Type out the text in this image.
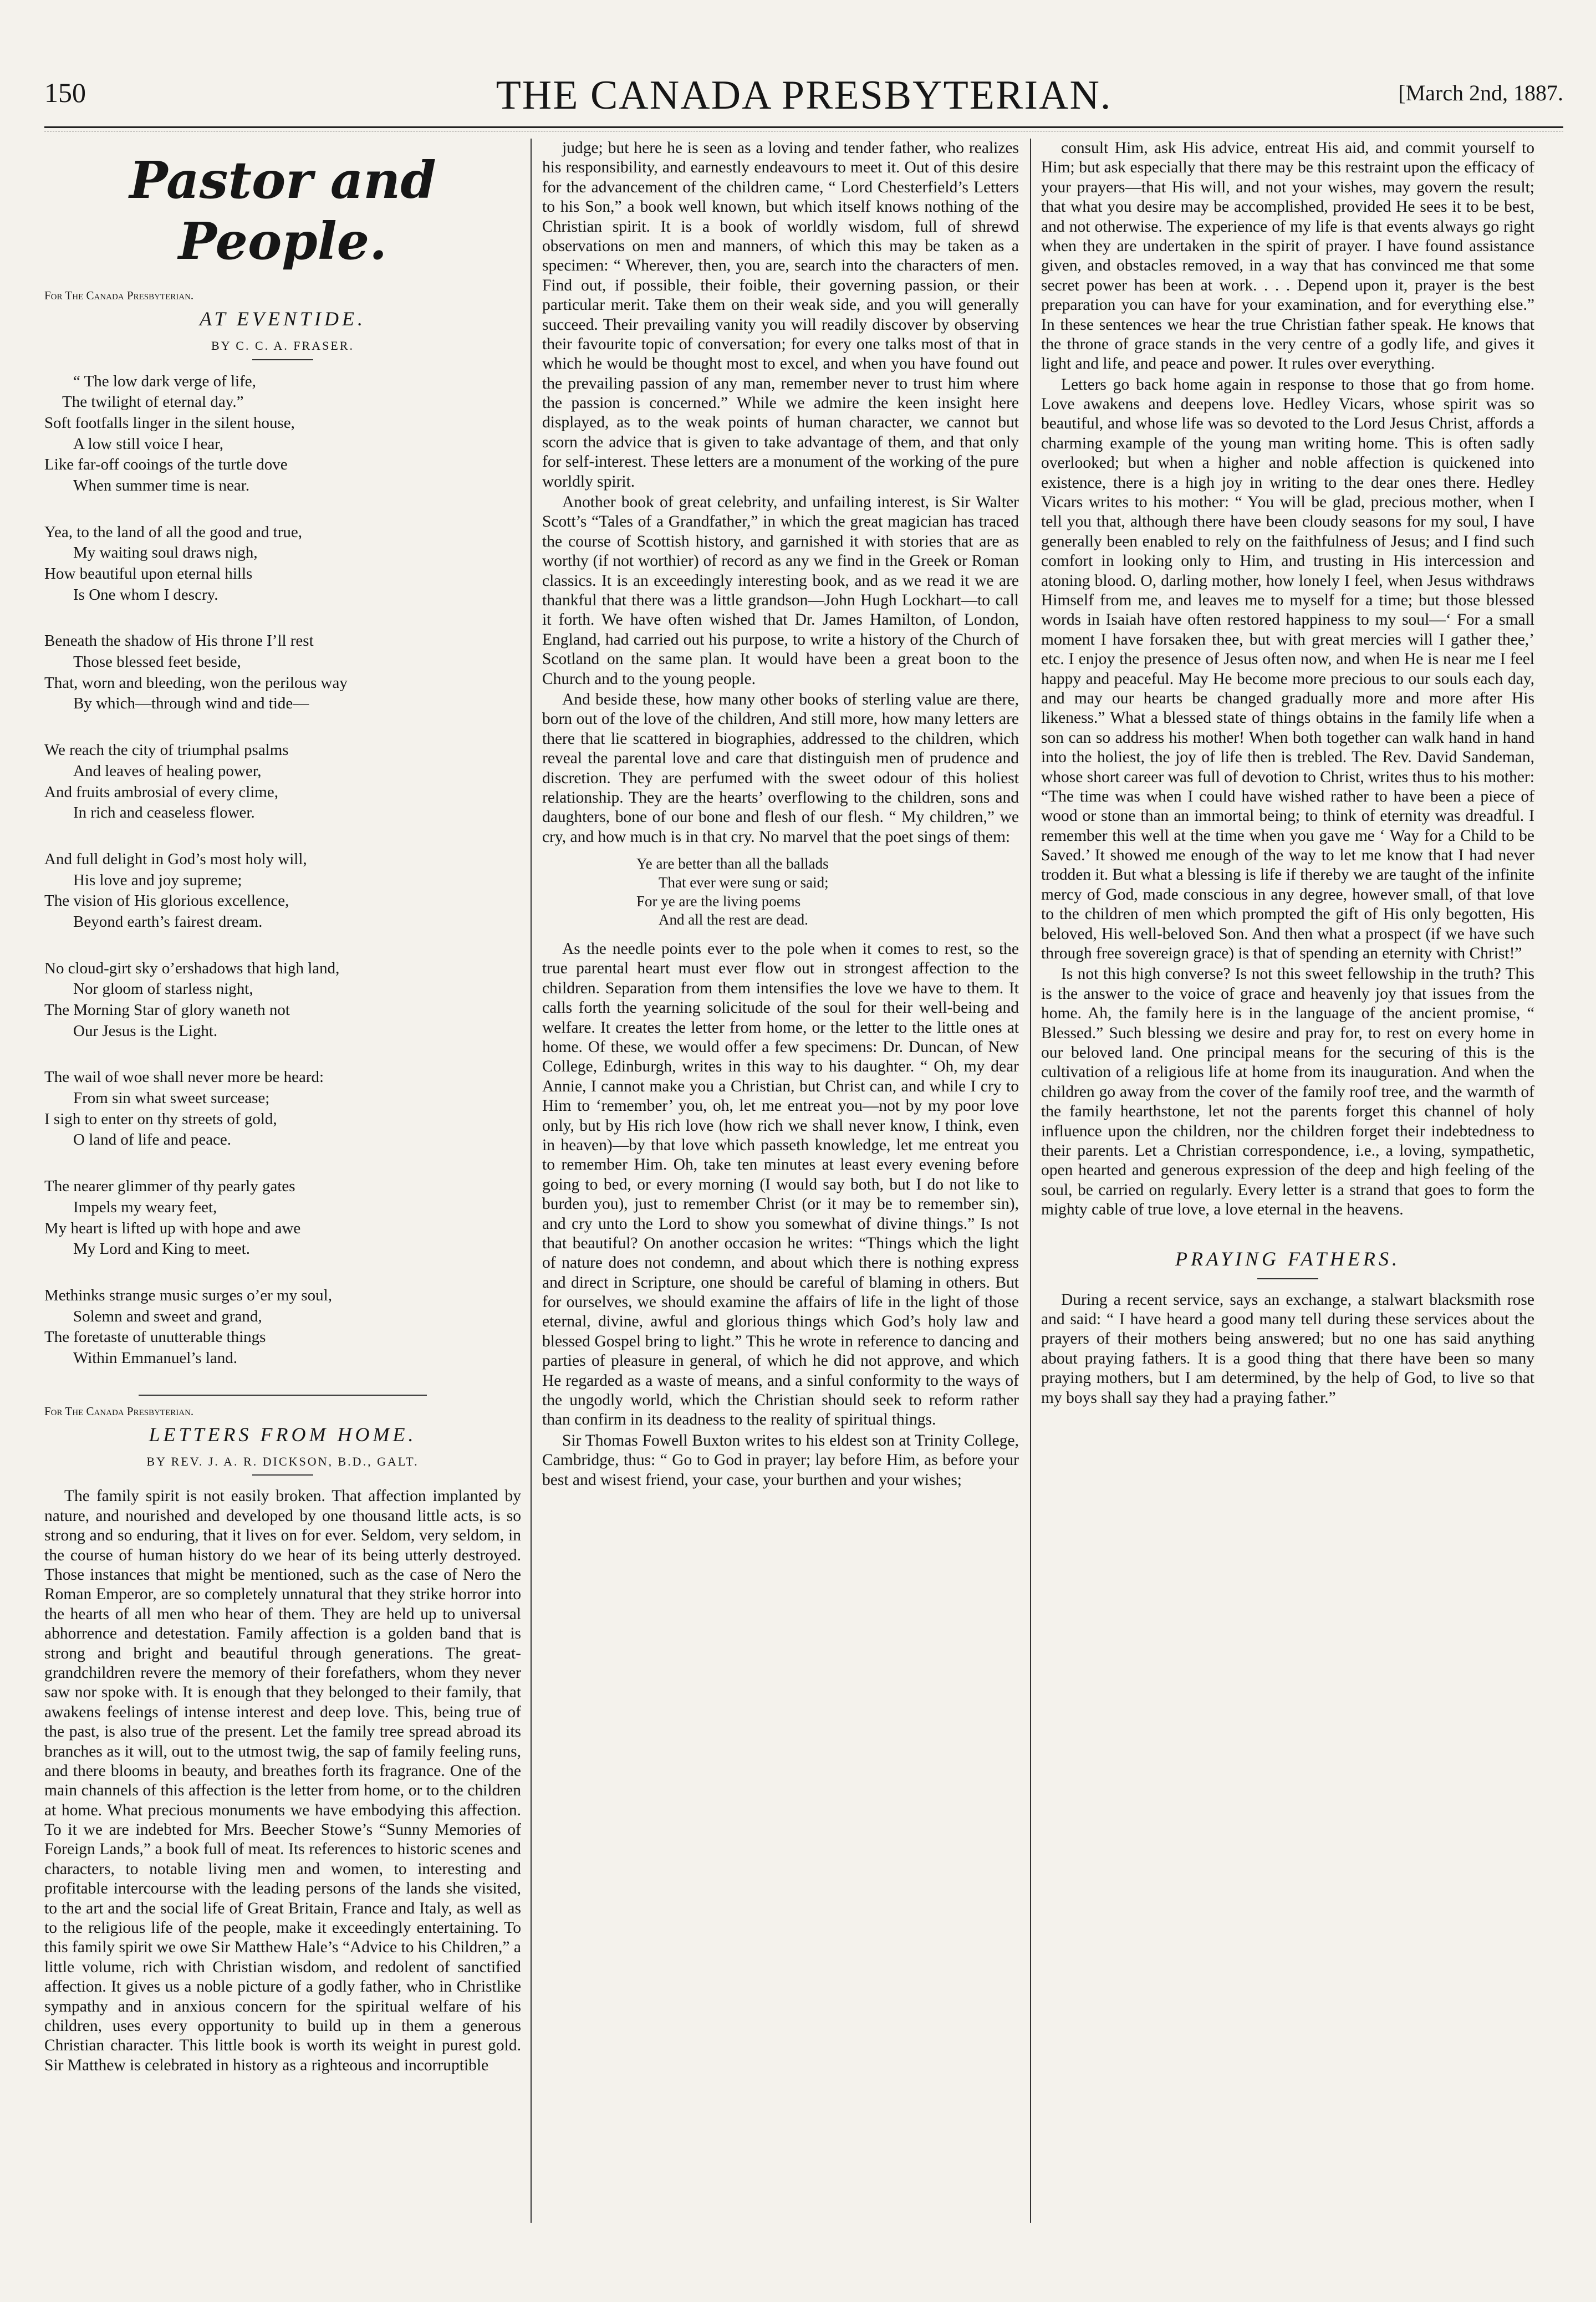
150	THE CANADA PRESBYTERIAN.	[March 2nd, 1887.
Pastor and People.
For The Canada Presbyterian.
AT EVENTIDE.
BY C. C. A. FRASER.
“ The low dark verge of life,
The twilight of eternal day.”
Soft footfalls linger in the silent house,
A low still voice I hear,
Like far-off cooings of the turtle dove
When summer time is near.
Yea, to the land of all the good and true,
My waiting soul draws nigh,
How beautiful upon eternal hills
Is One whom I descry.
Beneath the shadow of His throne I’ll rest
Those blessed feet beside,
That, worn and bleeding, won the perilous way
By which—through wind and tide—
We reach the city of triumphal psalms
And leaves of healing power,
And fruits ambrosial of every clime,
In rich and ceaseless flower.
And full delight in God’s most holy will,
His love and joy supreme;
The vision of His glorious excellence,
Beyond earth’s fairest dream.
No cloud-girt sky o’ershadows that high land,
Nor gloom of starless night,
The Morning Star of glory waneth not
Our Jesus is the Light.
The wail of woe shall never more be heard:
From sin what sweet surcease;
I sigh to enter on thy streets of gold,
O land of life and peace.
The nearer glimmer of thy pearly gates
Impels my weary feet,
My heart is lifted up with hope and awe
My Lord and King to meet.
Methinks strange music surges o’er my soul,
Solemn and sweet and grand,
The foretaste of unutterable things
Within Emmanuel’s land.
For The Canada Presbyterian.
LETTERS FROM HOME.
BY REV. J. A. R. DICKSON, B.D., GALT.

The family spirit is not easily broken. That affection implanted by nature, and nourished and developed by one thousand little acts, is so strong and so enduring, that it lives on for ever. Seldom, very seldom, in the course of human history do we hear of its being utterly destroyed. Those instances that might be mentioned, such as the case of Nero the Roman Emperor, are so completely unnatural that they strike horror into the hearts of all men who hear of them. They are held up to universal abhorrence and detestation. Family affection is a golden band that is strong and bright and beautiful through generations. The great-grandchildren revere the memory of their forefathers, whom they never saw nor spoke with. It is enough that they belonged to their family, that awakens feelings of intense interest and deep love. This, being true of the past, is also true of the present. Let the family tree spread abroad its branches as it will, out to the utmost twig, the sap of family feeling runs, and there blooms in beauty, and breathes forth its fragrance. One of the main channels of this affection is the letter from home, or to the children at home. What precious monuments we have embodying this affection. To it we are indebted for Mrs. Beecher Stowe’s “Sunny Memories of Foreign Lands,” a book full of meat. Its references to historic scenes and characters, to notable living men and women, to interesting and profitable intercourse with the leading persons of the lands she visited, to the art and the social life of Great Britain, France and Italy, as well as to the religious life of the people, make it exceedingly entertaining. To this family spirit we owe Sir Matthew Hale’s “Advice to his Children,” a little volume, rich with Christian wisdom, and redolent of sanctified affection. It gives us a noble picture of a godly father, who in Christlike sympathy and in anxious concern for the spiritual welfare of his children, uses every opportunity to build up in them a generous Christian character. This little book is worth its weight in purest gold. Sir Matthew is celebrated in history as a righteous and incorruptible

judge; but here he is seen as a loving and tender father, who realizes his responsibility, and earnestly endeavours to meet it. Out of this desire for the advancement of the children came, “ Lord Chesterfield’s Letters to his Son,” a book well known, but which itself knows nothing of the Christian spirit. It is a book of worldly wisdom, full of shrewd observations on men and manners, of which this may be taken as a specimen: “ Wherever, then, you are, search into the characters of men. Find out, if possible, their foible, their governing passion, or their particular merit. Take them on their weak side, and you will generally succeed. Their prevailing vanity you will readily discover by observing their favourite topic of conversation; for every one talks most of that in which he would be thought most to excel, and when you have found out the prevailing passion of any man, remember never to trust him where the passion is concerned.” While we admire the keen insight here displayed, as to the weak points of human character, we cannot but scorn the advice that is given to take advantage of them, and that only for self-interest. These letters are a monument of the working of the pure worldly spirit.

Another book of great celebrity, and unfailing interest, is Sir Walter Scott’s “Tales of a Grandfather,” in which the great magician has traced the course of Scottish history, and garnished it with stories that are as worthy (if not worthier) of record as any we find in the Greek or Roman classics. It is an exceedingly interesting book, and as we read it we are thankful that there was a little grandson—John Hugh Lockhart—to call it forth. We have often wished that Dr. James Hamilton, of London, England, had carried out his purpose, to write a history of the Church of Scotland on the same plan. It would have been a great boon to the Church and to the young people.

And beside these, how many other books of sterling value are there, born out of the love of the children, And still more, how many letters are there that lie scattered in biographies, addressed to the children, which reveal the parental love and care that distinguish men of prudence and discretion. They are perfumed with the sweet odour of this holiest relationship. They are the hearts’ overflowing to the children, sons and daughters, bone of our bone and flesh of our flesh. “ My children,” we cry, and how much is in that cry. No marvel that the poet sings of them:

Ye are better than all the ballads
That ever were sung or said;
For ye are the living poems
And all the rest are dead.

As the needle points ever to the pole when it comes to rest, so the true parental heart must ever flow out in strongest affection to the children. Separation from them intensifies the love we have to them. It calls forth the yearning solicitude of the soul for their well-being and welfare. It creates the letter from home, or the letter to the little ones at home. Of these, we would offer a few specimens: Dr. Duncan, of New College, Edinburgh, writes in this way to his daughter. “ Oh, my dear Annie, I cannot make you a Christian, but Christ can, and while I cry to Him to ‘remember’ you, oh, let me entreat you—not by my poor love only, but by His rich love (how rich we shall never know, I think, even in heaven)—by that love which passeth knowledge, let me entreat you to remember Him. Oh, take ten minutes at least every evening before going to bed, or every morning (I would say both, but I do not like to burden you), just to remember Christ (or it may be to remember sin), and cry unto the Lord to show you somewhat of divine things.” Is not that beautiful? On another occasion he writes: “Things which the light of nature does not condemn, and about which there is nothing express and direct in Scripture, one should be careful of blaming in others. But for ourselves, we should examine the affairs of life in the light of those eternal, divine, awful and glorious things which God’s holy law and blessed Gospel bring to light.” This he wrote in reference to dancing and parties of pleasure in general, of which he did not approve, and which He regarded as a waste of means, and a sinful conformity to the ways of the ungodly world, which the Christian should seek to reform rather than confirm in its deadness to the reality of spiritual things.

Sir Thomas Fowell Buxton writes to his eldest son at Trinity College, Cambridge, thus: “ Go to God in prayer; lay before Him, as before your best and wisest friend, your case, your burthen and your wishes;

consult Him, ask His advice, entreat His aid, and commit yourself to Him; but ask especially that there may be this restraint upon the efficacy of your prayers—that His will, and not your wishes, may govern the result; that what you desire may be accomplished, provided He sees it to be best, and not otherwise. The experience of my life is that events always go right when they are undertaken in the spirit of prayer. I have found assistance given, and obstacles removed, in a way that has convinced me that some secret power has been at work. . . . Depend upon it, prayer is the best preparation you can have for your examination, and for everything else.” In these sentences we hear the true Christian father speak. He knows that the throne of grace stands in the very centre of a godly life, and gives it light and life, and peace and power. It rules over everything.

Letters go back home again in response to those that go from home. Love awakens and deepens love. Hedley Vicars, whose spirit was so beautiful, and whose life was so devoted to the Lord Jesus Christ, affords a charming example of the young man writing home. This is often sadly overlooked; but when a higher and noble affection is quickened into existence, there is a high joy in writing to the dear ones there. Hedley Vicars writes to his mother: “ You will be glad, precious mother, when I tell you that, although there have been cloudy seasons for my soul, I have generally been enabled to rely on the faithfulness of Jesus; and I find such comfort in looking only to Him, and trusting in His intercession and atoning blood. O, darling mother, how lonely I feel, when Jesus withdraws Himself from me, and leaves me to myself for a time; but those blessed words in Isaiah have often restored happiness to my soul—‘ For a small moment I have forsaken thee, but with great mercies will I gather thee,’ etc. I enjoy the presence of Jesus often now, and when He is near me I feel happy and peaceful. May He become more precious to our souls each day, and may our hearts be changed gradually more and more after His likeness.” What a blessed state of things obtains in the family life when a son can so address his mother! When both together can walk hand in hand into the holiest, the joy of life then is trebled. The Rev. David Sandeman, whose short career was full of devotion to Christ, writes thus to his mother: “The time was when I could have wished rather to have been a piece of wood or stone than an immortal being; to think of eternity was dreadful. I remember this well at the time when you gave me ‘ Way for a Child to be Saved.’ It showed me enough of the way to let me know that I had never trodden it. But what a blessing is life if thereby we are taught of the infinite mercy of God, made conscious in any degree, however small, of that love to the children of men which prompted the gift of His only begotten, His beloved, His well-beloved Son. And then what a prospect (if we have such through free sovereign grace) is that of spending an eternity with Christ!”

Is not this high converse? Is not this sweet fellowship in the truth? This is the answer to the voice of grace and heavenly joy that issues from the home. Ah, the family here is in the language of the ancient promise, “ Blessed.” Such blessing we desire and pray for, to rest on every home in our beloved land. One principal means for the securing of this is the cultivation of a religious life at home from its inauguration. And when the children go away from the cover of the family roof tree, and the warmth of the family hearthstone, let not the parents forget this channel of holy influence upon the children, nor the children forget their indebtedness to their parents. Let a Christian correspondence, i.e., a loving, sympathetic, open hearted and generous expression of the deep and high feeling of the soul, be carried on regularly. Every letter is a strand that goes to form the mighty cable of true love, a love eternal in the heavens.

PRAYING FATHERS.

During a recent service, says an exchange, a stalwart blacksmith rose and said: “ I have heard a good many tell during these services about the prayers of their mothers being answered; but no one has said anything about praying fathers. It is a good thing that there have been so many praying mothers, but I am determined, by the help of God, to live so that my boys shall say they had a praying father.”
